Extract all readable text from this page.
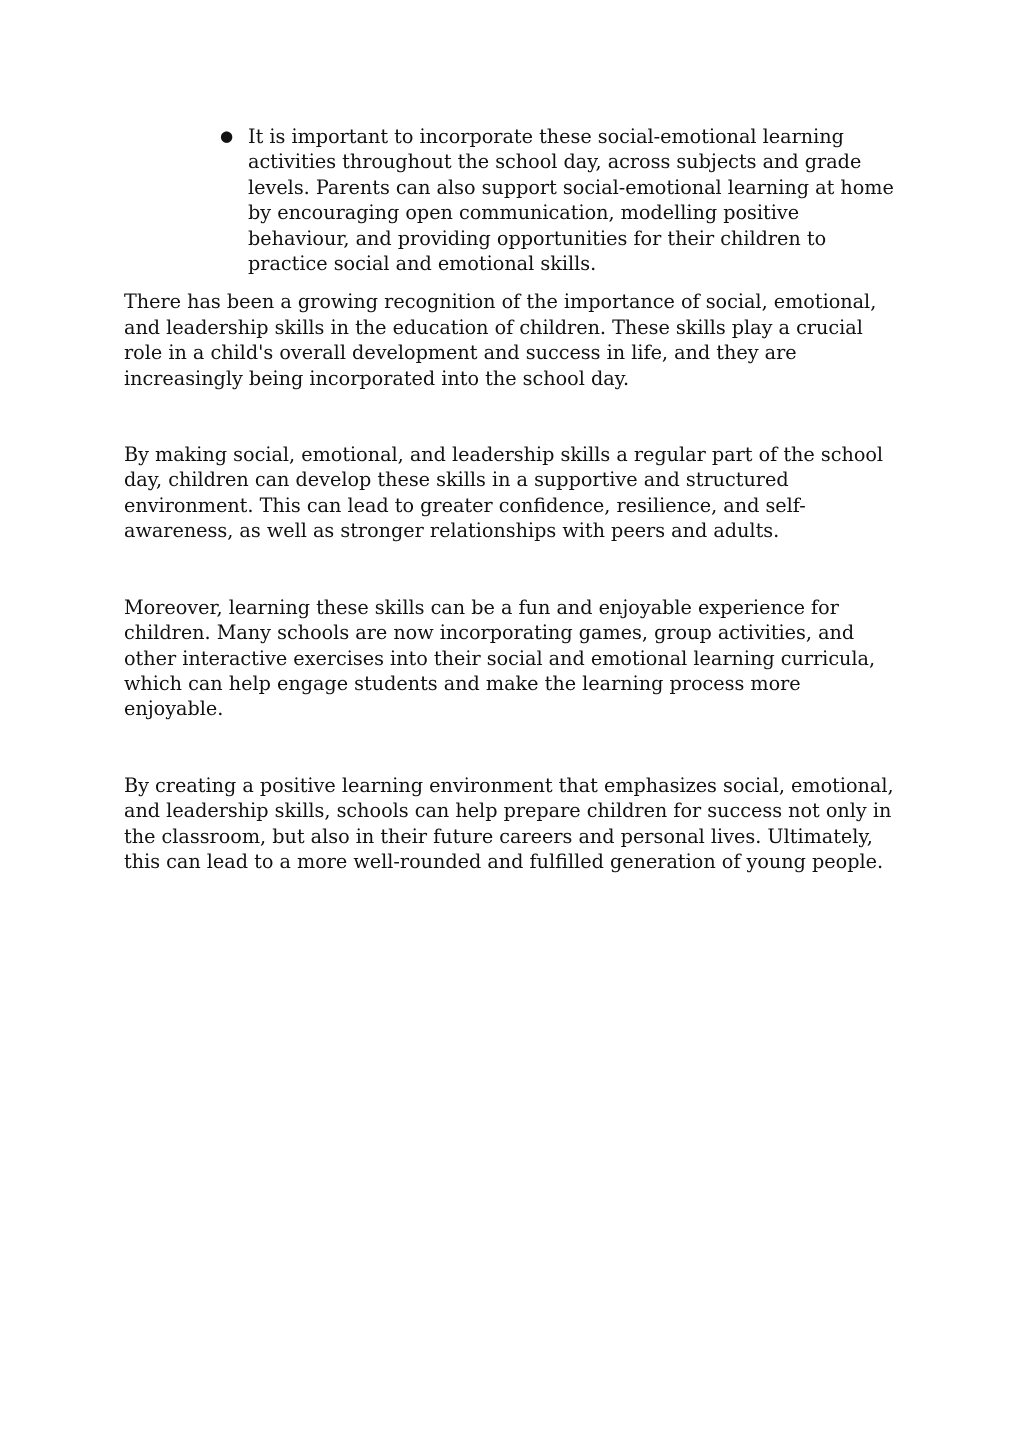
● It is important to incorporate these social-emotional learning activities throughout the school day, across subjects and grade levels. Parents can also support social-emotional learning at home by encouraging open communication, modelling positive behaviour, and providing opportunities for their children to practice social and emotional skills.

There has been a growing recognition of the importance of social, emotional, and leadership skills in the education of children. These skills play a crucial role in a child's overall development and success in life, and they are increasingly being incorporated into the school day.

By making social, emotional, and leadership skills a regular part of the school day, children can develop these skills in a supportive and structured environment. This can lead to greater confidence, resilience, and self-awareness, as well as stronger relationships with peers and adults.

Moreover, learning these skills can be a fun and enjoyable experience for children. Many schools are now incorporating games, group activities, and other interactive exercises into their social and emotional learning curricula, which can help engage students and make the learning process more enjoyable.

By creating a positive learning environment that emphasizes social, emotional, and leadership skills, schools can help prepare children for success not only in the classroom, but also in their future careers and personal lives. Ultimately, this can lead to a more well-rounded and fulfilled generation of young people.
